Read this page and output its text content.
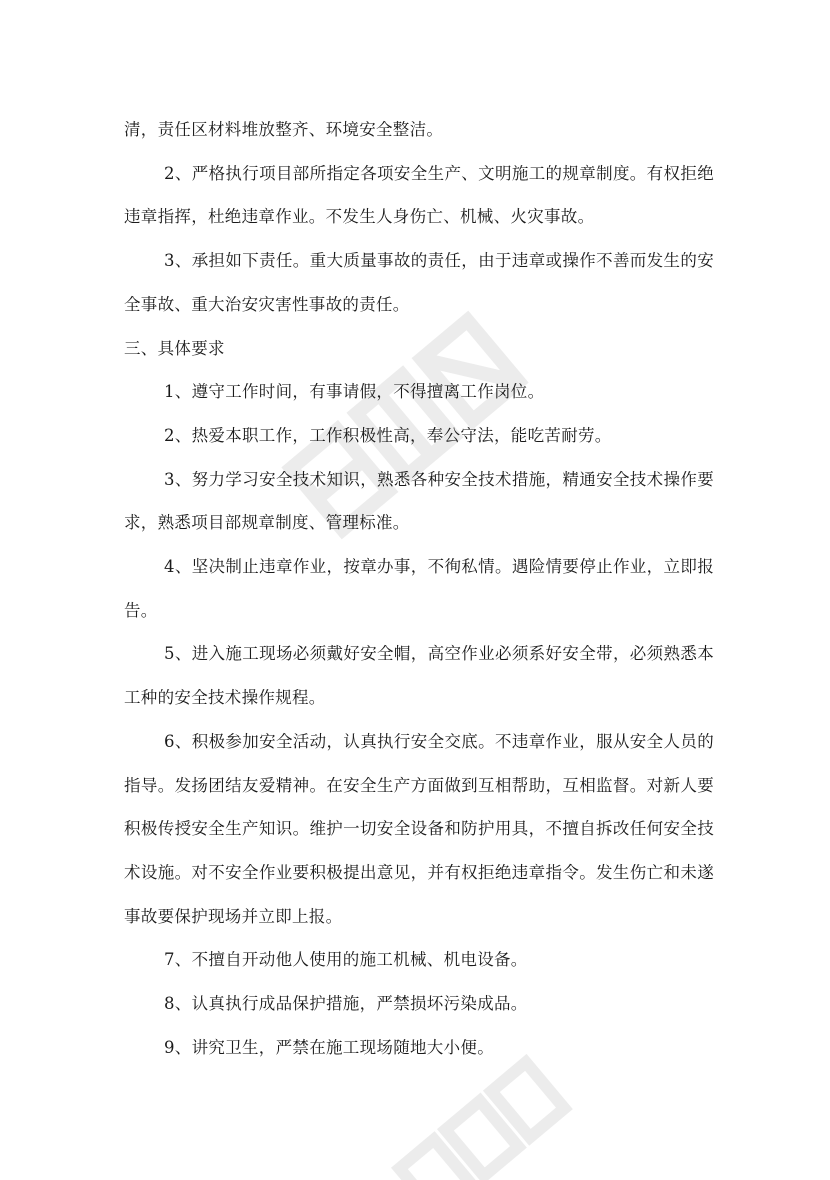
清，责任区材料堆放整齐、环境安全整洁。

2、严格执行项目部所指定各项安全生产、文明施工的规章制度。有权拒绝违章指挥，杜绝违章作业。不发生人身伤亡、机械、火灾事故。

3、承担如下责任。重大质量事故的责任，由于违章或操作不善而发生的安全事故、重大治安灾害性事故的责任。

三、具体要求

1、遵守工作时间，有事请假，不得擅离工作岗位。

2、热爱本职工作，工作积极性高，奉公守法，能吃苦耐劳。

3、努力学习安全技术知识，熟悉各种安全技术措施，精通安全技术操作要求，熟悉项目部规章制度、管理标准。

4、坚决制止违章作业，按章办事，不徇私情。遇险情要停止作业，立即报告。

5、进入施工现场必须戴好安全帽，高空作业必须系好安全带，必须熟悉本工种的安全技术操作规程。

6、积极参加安全活动，认真执行安全交底。不违章作业，服从安全人员的指导。发扬团结友爱精神。在安全生产方面做到互相帮助，互相监督。对新人要积极传授安全生产知识。维护一切安全设备和防护用具，不擅自拆改任何安全技术设施。对不安全作业要积极提出意见，并有权拒绝违章指令。发生伤亡和未遂事故要保护现场并立即上报。

7、不擅自开动他人使用的施工机械、机电设备。

8、认真执行成品保护措施，严禁损坏污染成品。

9、讲究卫生，严禁在施工现场随地大小便。
